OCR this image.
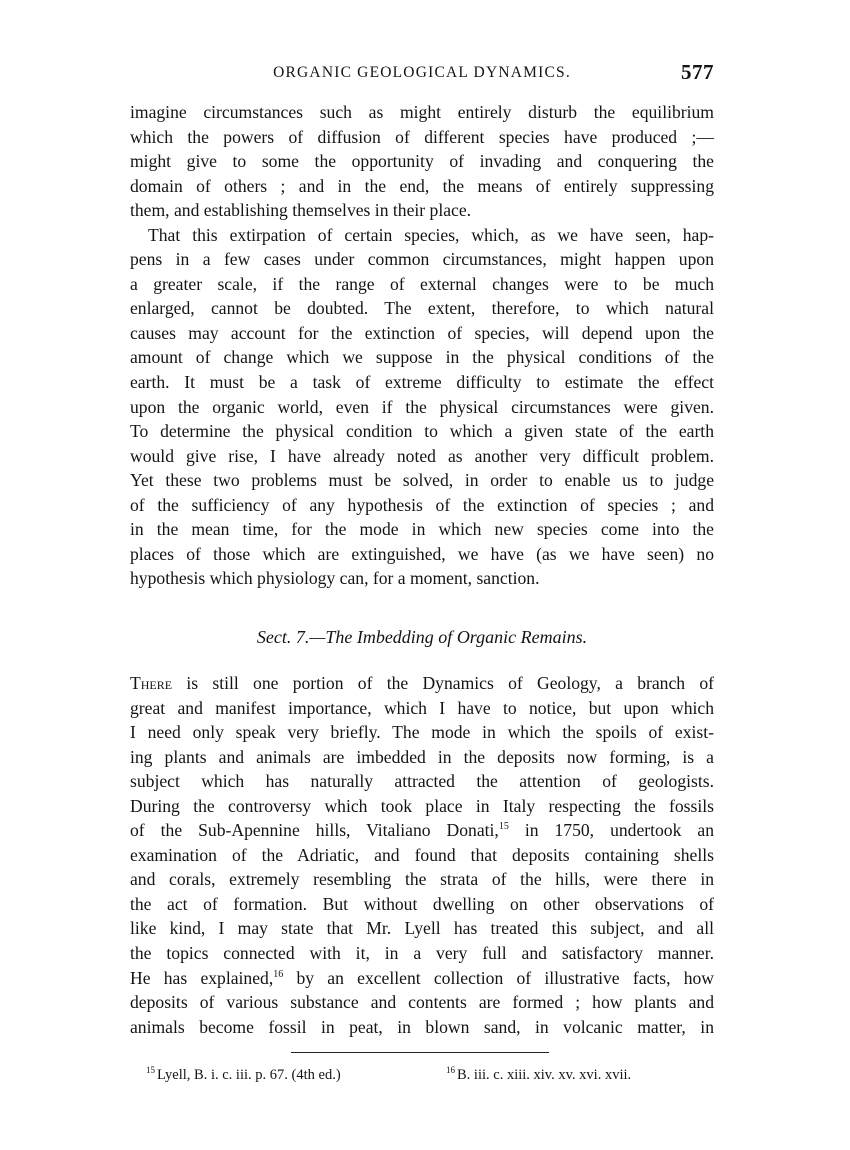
ORGANIC GEOLOGICAL DYNAMICS.	577

imagine circumstances such as might entirely disturb the equilibrium

which the powers of diffusion of different species have produced ;—

might give to some the opportunity of invading and conquering the

domain of others ; and in the end, the means of entirely suppressing

them, and establishing themselves in their place.

That this extirpation of certain species, which, as we have seen, hap-

pens in a few cases under common circumstances, might happen upon

a greater scale, if the range of external changes were to be much

enlarged, cannot be doubted. The extent, therefore, to which natural

causes may account for the extinction of species, will depend upon the

amount of change which we suppose in the physical conditions of the

earth. It must be a task of extreme difficulty to estimate the effect

upon the organic world, even if the physical circumstances were given.

To determine the physical condition to which a given state of the earth

would give rise, I have already noted as another very difficult problem.

Yet these two problems must be solved, in order to enable us to judge

of the sufficiency of any hypothesis of the extinction of species ; and

in the mean time, for the mode in which new species come into the

places of those which are extinguished, we have (as we have seen) no

hypothesis which physiology can, for a moment, sanction.

Sect. 7.—The Imbedding of Organic Remains.

There is still one portion of the Dynamics of Geology, a branch of

great and manifest importance, which I have to notice, but upon which

I need only speak very briefly. The mode in which the spoils of exist-

ing plants and animals are imbedded in the deposits now forming, is a

subject which has naturally attracted the attention of geologists.

During the controversy which took place in Italy respecting the fossils

of the Sub-Apennine hills, Vitaliano Donati,$^{15}$ in 1750, undertook an

examination of the Adriatic, and found that deposits containing shells

and corals, extremely resembling the strata of the hills, were there in

the act of formation. But without dwelling on other observations of

like kind, I may state that Mr. Lyell has treated this subject, and all

the topics connected with it, in a very full and satisfactory manner.

He has explained,$^{16}$ by an excellent collection of illustrative facts, how

deposits of various substance and contents are formed ; how plants and

animals become fossil in peat, in blown sand, in volcanic matter, in

$^{15}$ Lyell, B. i. c. iii. p. 67. (4th ed.)	$^{16}$ B. iii. c. xiii. xiv. xv. xvi. xvii.
